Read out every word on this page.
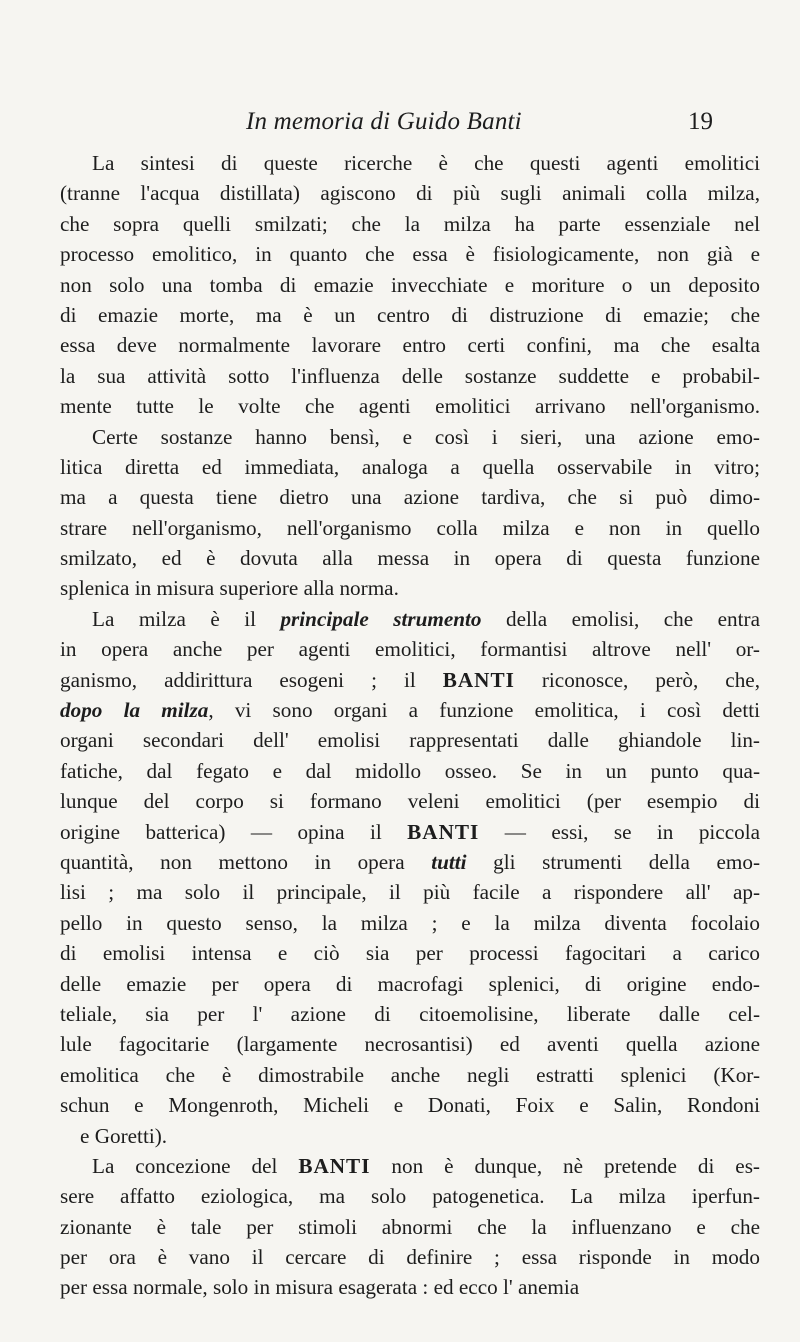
In memoria di Guido Banti	19
La sintesi di queste ricerche è che questi agenti emolitici
(tranne l'acqua distillata) agiscono di più sugli animali colla milza,
che sopra quelli smilzati; che la milza ha parte essenziale nel
processo emolitico, in quanto che essa è fisiologicamente, non già e
non solo una tomba di emazie invecchiate e moriture o un deposito
di emazie morte, ma è un centro di distruzione di emazie; che
essa deve normalmente lavorare entro certi confini, ma che esalta
la sua attività sotto l'influenza delle sostanze suddette e probabil-
mente tutte le volte che agenti emolitici arrivano nell'organismo.
Certe sostanze hanno bensì, e così i sieri, una azione emo-
litica diretta ed immediata, analoga a quella osservabile in vitro;
ma a questa tiene dietro una azione tardiva, che si può dimo-
strare nell'organismo, nell'organismo colla milza e non in quello
smilzato, ed è dovuta alla messa in opera di questa funzione
splenica in misura superiore alla norma.
La milza è il principale strumento della emolisi, che entra
in opera anche per agenti emolitici, formantisi altrove nell' or-
ganismo, addirittura esogeni ; il BANTI riconosce, però, che,
dopo la milza, vi sono organi a funzione emolitica, i così detti
organi secondari dell' emolisi rappresentati dalle ghiandole lin-
fatiche, dal fegato e dal midollo osseo. Se in un punto qua-
lunque del corpo si formano veleni emolitici (per esempio di
origine batterica) — opina il BANTI — essi, se in piccola
quantità, non mettono in opera tutti gli strumenti della emo-
lisi ; ma solo il principale, il più facile a rispondere all' ap-
pello in questo senso, la milza ; e la milza diventa focolaio
di emolisi intensa e ciò sia per processi fagocitari a carico
delle emazie per opera di macrofagi splenici, di origine endo-
teliale, sia per l' azione di citoemolisine, liberate dalle cel-
lule fagocitarie (largamente necrosantisi) ed aventi quella azione
emolitica che è dimostrabile anche negli estratti splenici (Kor-
schun e Mongenroth, Micheli e Donati, Foix e Salin, Rondoni
e Goretti).
La concezione del BANTI non è dunque, nè pretende di es-
sere affatto eziologica, ma solo patogenetica. La milza iperfun-
zionante è tale per stimoli abnormi che la influenzano e che
per ora è vano il cercare di definire ; essa risponde in modo
per essa normale, solo in misura esagerata : ed ecco l' anemia
